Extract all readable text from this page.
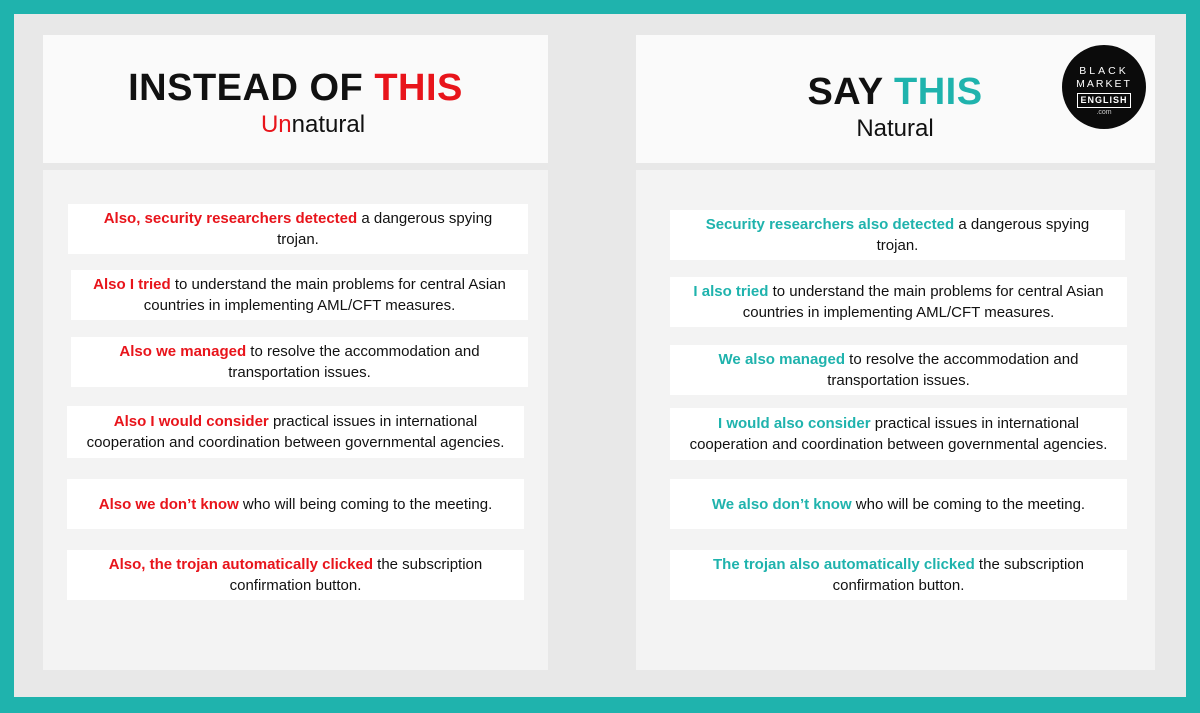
INSTEAD OF THIS
Unnatural
Also, security researchers detected a dangerous spying trojan.
Also I tried to understand the main problems for central Asian countries in implementing AML/CFT measures.
Also we managed to resolve the accommodation and transportation issues.
Also I would consider practical issues in international cooperation and coordination between governmental agencies.
Also we don’t know who will being coming to the meeting.
Also, the trojan automatically clicked the subscription confirmation button.
SAY THIS
Natural
Security researchers also detected a dangerous spying trojan.
I also tried to understand the main problems for central Asian countries in implementing AML/CFT measures.
We also managed to resolve the accommodation and transportation issues.
I would also consider practical issues in international cooperation and coordination between governmental agencies.
We also don’t know who will be coming to the meeting.
The trojan also automatically clicked the subscription confirmation button.
BLACK
MARKET
ENGLISH
.com
